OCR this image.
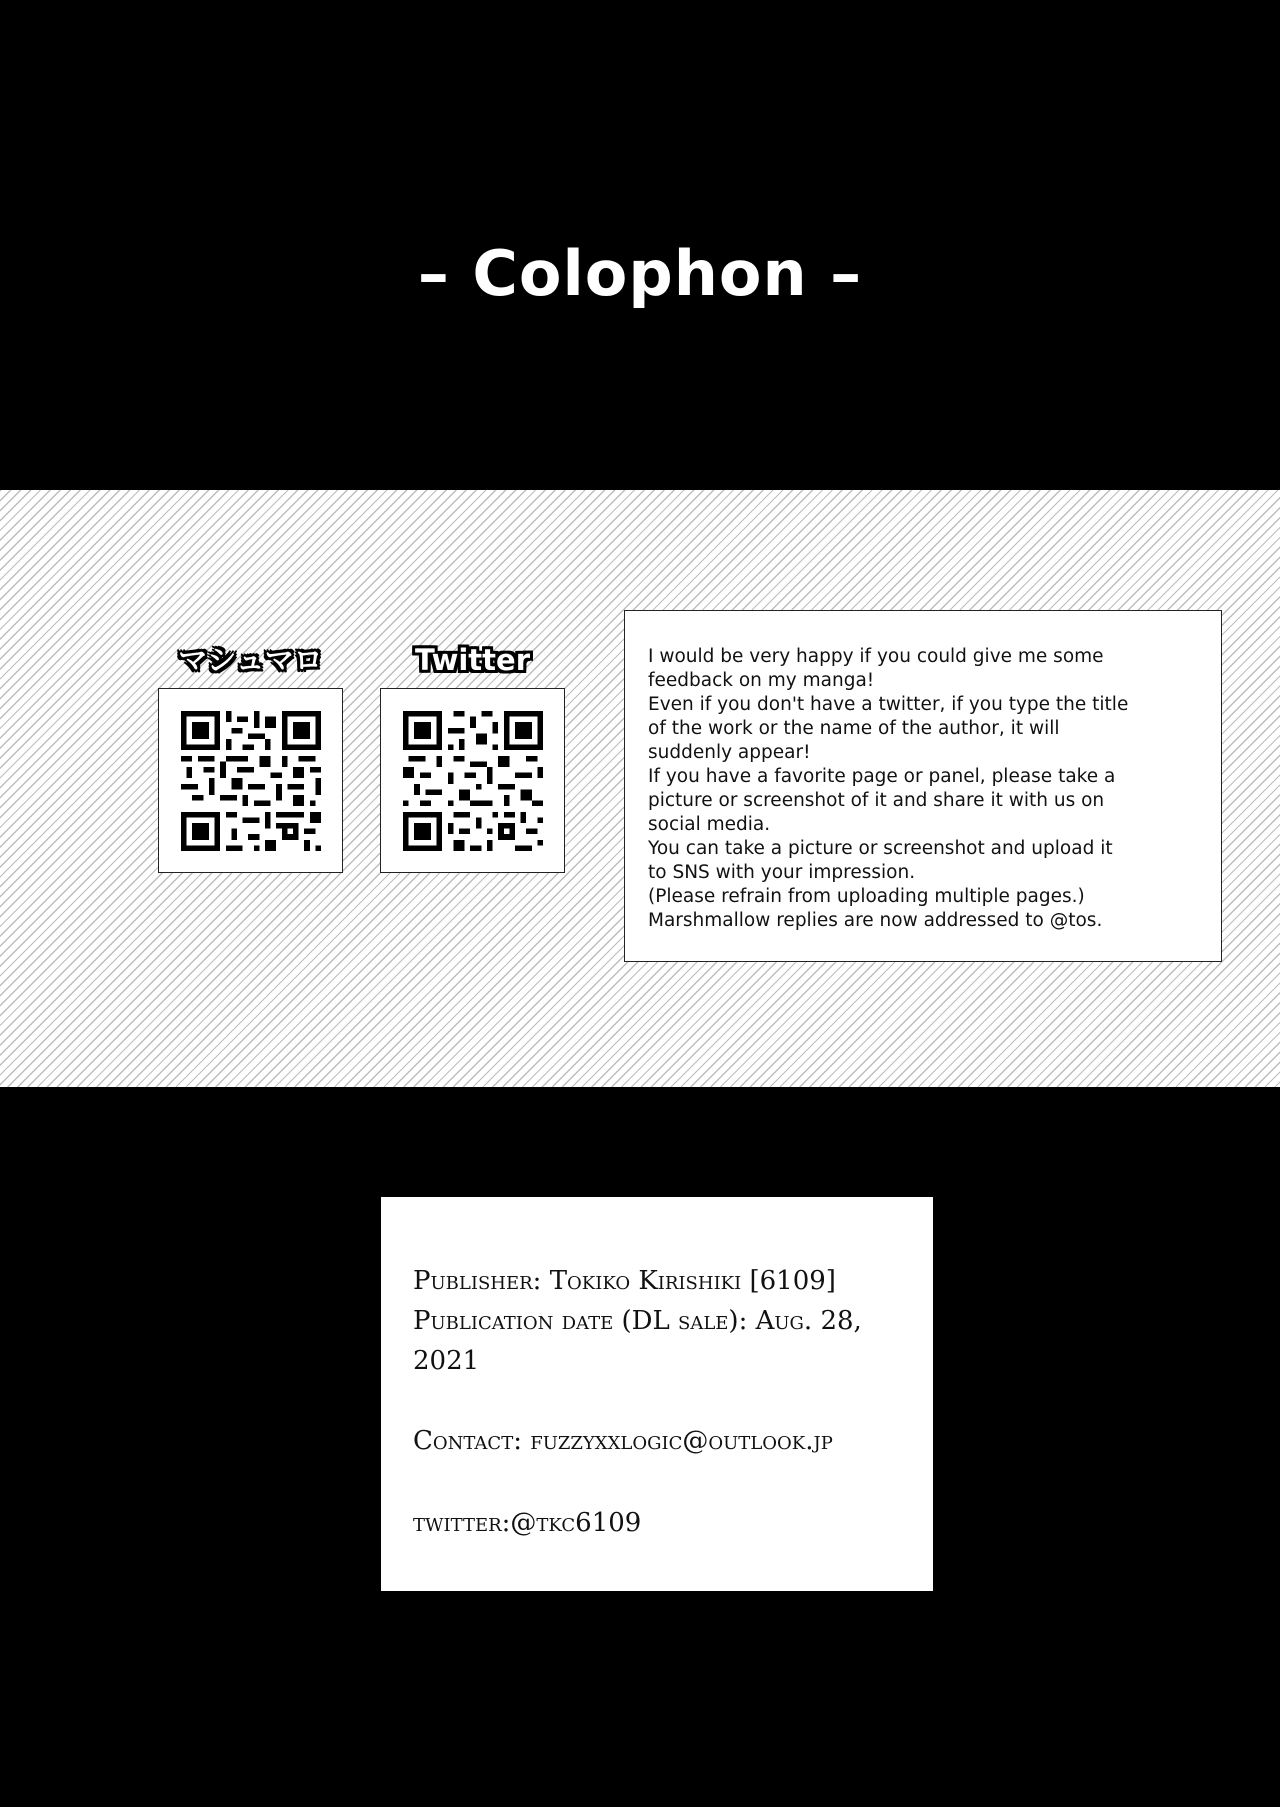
– Colophon –
マシュマロ	Twitter	I would be very happy if you could give me some
feedback on my manga!
Even if you don't have a twitter, if you type the title
of the work or the name of the author, it will
suddenly appear!
If you have a favorite page or panel, please take a
picture or screenshot of it and share it with us on
social media.
You can take a picture or screenshot and upload it
to SNS with your impression.
(Please refrain from uploading multiple pages.)
Marshmallow replies are now addressed to @tos.
Publisher: Tokiko Kirishiki [6109]
Publication date (DL sale): Aug. 28,
2021
Contact: fuzzyxxlogic@outlook.jp
twitter:@tkc6109
